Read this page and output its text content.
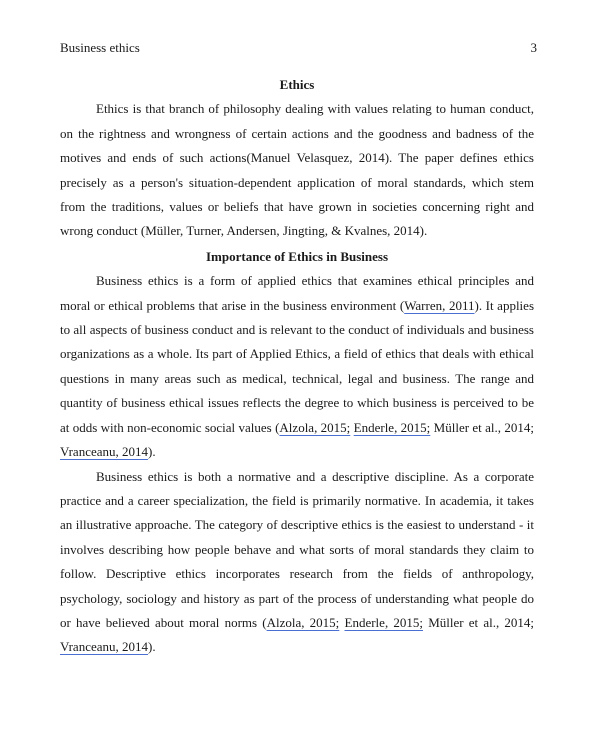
Business ethics	3
Ethics

Ethics is that branch of philosophy dealing with values relating to human conduct, on the rightness and wrongness of certain actions and the goodness and badness of the motives and ends of such actions(Manuel Velasquez, 2014). The paper defines ethics precisely as a person's situation-dependent application of moral standards, which stem from the traditions, values or beliefs that have grown in societies concerning right and wrong conduct (Müller, Turner, Andersen, Jingting, & Kvalnes, 2014).

Importance of Ethics in Business

Business ethics is a form of applied ethics that examines ethical principles and moral or ethical problems that arise in the business environment (Warren, 2011). It applies to all aspects of business conduct and is relevant to the conduct of individuals and business organizations as a whole. Its part of Applied Ethics, a field of ethics that deals with ethical questions in many areas such as medical, technical, legal and business. The range and quantity of business ethical issues reflects the degree to which business is perceived to be at odds with non-economic social values (Alzola, 2015; Enderle, 2015; Müller et al., 2014; Vranceanu, 2014).

Business ethics is both a normative and a descriptive discipline. As a corporate practice and a career specialization, the field is primarily normative. In academia, it takes an illustrative approache. The category of descriptive ethics is the easiest to understand - it involves describing how people behave and what sorts of moral standards they claim to follow. Descriptive ethics incorporates research from the fields of anthropology, psychology, sociology and history as part of the process of understanding what people do or have believed about moral norms (Alzola, 2015; Enderle, 2015; Müller et al., 2014; Vranceanu, 2014).
